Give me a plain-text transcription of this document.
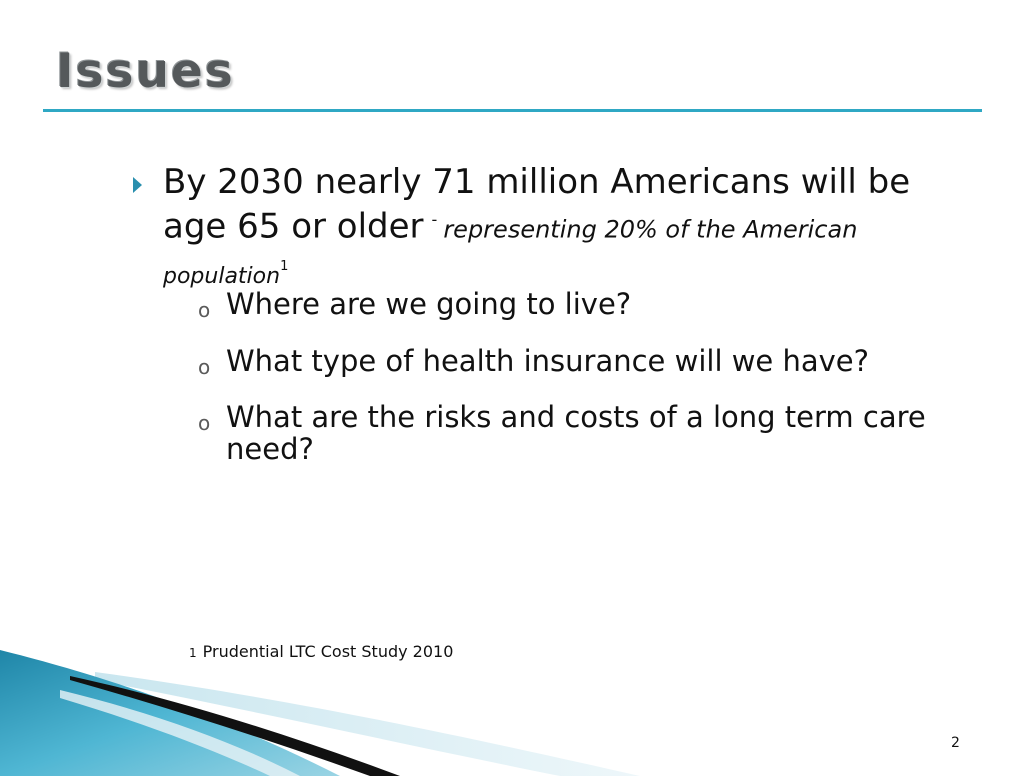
Issues
By 2030 nearly 71 million Americans will be age 65 or older - representing 20% of the American
population$^1$
o Where are we going to live?
o What type of health insurance will we have?
o What are the risks and costs of a long term care need?
1 Prudential LTC Cost Study 2010
2
